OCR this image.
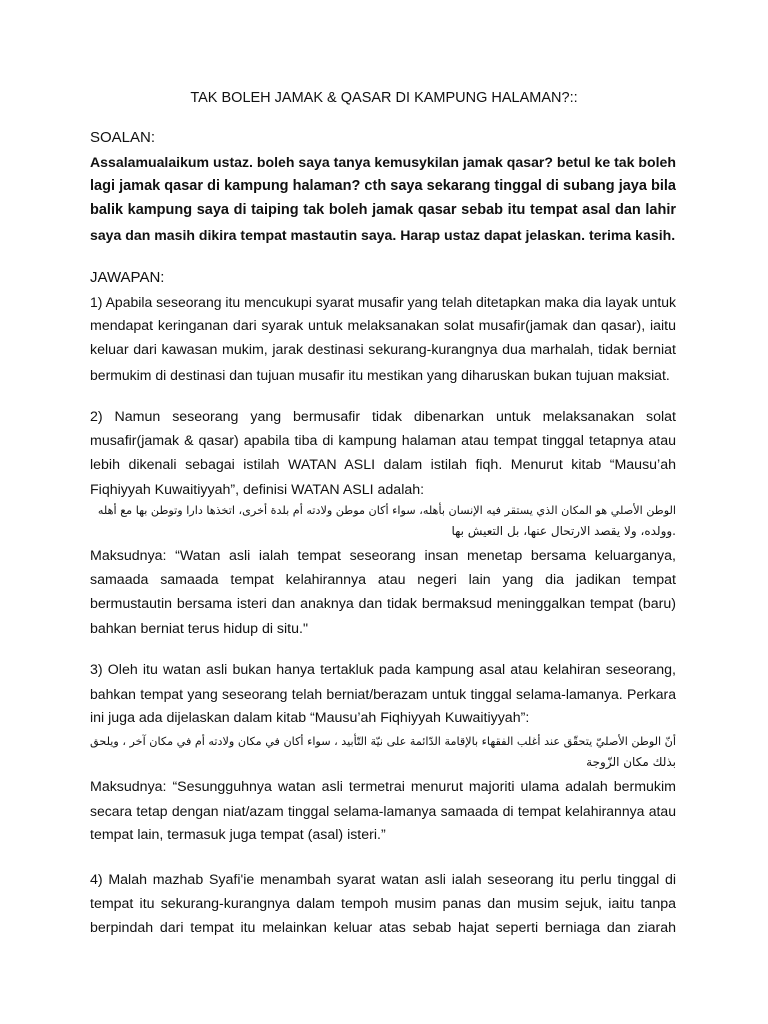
TAK BOLEH JAMAK & QASAR DI KAMPUNG HALAMAN?::
SOALAN:
Assalamualaikum ustaz. boleh saya tanya kemusykilan jamak qasar? betul ke tak boleh
lagi jamak qasar di kampung halaman? cth saya sekarang tinggal di subang jaya bila
balik kampung saya di taiping tak boleh jamak qasar sebab itu tempat asal dan lahir
saya dan masih dikira tempat mastautin saya. Harap ustaz dapat jelaskan. terima kasih.
JAWAPAN:
1) Apabila seseorang itu mencukupi syarat musafir yang telah ditetapkan maka dia layak untuk
mendapat keringanan dari syarak untuk melaksanakan solat musafir(jamak dan qasar), iaitu
keluar dari kawasan mukim, jarak destinasi sekurang-kurangnya dua marhalah, tidak berniat
bermukim di destinasi dan tujuan musafir itu mestikan yang diharuskan bukan tujuan maksiat.
2) Namun seseorang yang bermusafir tidak dibenarkan untuk melaksanakan solat
musafir(jamak & qasar) apabila tiba di kampung halaman atau tempat tinggal tetapnya atau
lebih dikenali sebagai istilah WATAN ASLI dalam istilah fiqh. Menurut kitab “Mausu’ah
Fiqhiyyah Kuwaitiyyah”, definisi WATAN ASLI adalah:
الوطن الأصلي هو المكان الذي يستقر فيه الإنسان بأهله، سواء أكان موطن ولادته أم بلدة أخرى، اتخذها دارا وتوطن بها مع أهله
.وولده، ولا يقصد الارتحال عنها، بل التعيش بها
Maksudnya: “Watan asli ialah tempat seseorang insan menetap bersama keluarganya,
samaada samaada tempat kelahirannya atau negeri lain yang dia jadikan tempat
bermustautin bersama isteri dan anaknya dan tidak bermaksud meninggalkan tempat (baru)
bahkan berniat terus hidup di situ."
3) Oleh itu watan asli bukan hanya tertakluk pada kampung asal atau kelahiran seseorang,
bahkan tempat yang seseorang telah berniat/berazam untuk tinggal selama-lamanya. Perkara
ini juga ada dijelaskan dalam kitab “Mausu’ah Fiqhiyyah Kuwaitiyyah”:
أنّ الوطن الأصليّ يتحقّق عند أغلب الفقهاء بالإقامة الدّائمة على نيّة التّأبيد ، سواء أكان في مكان ولادته أم في مكان آخر ، ويلحق
بذلك مكان الزّوجة
Maksudnya: “Sesungguhnya watan asli termetrai menurut majoriti ulama adalah bermukim
secara tetap dengan niat/azam tinggal selama-lamanya samaada di tempat kelahirannya atau
tempat lain, termasuk juga tempat (asal) isteri.”
4) Malah mazhab Syafi'ie menambah syarat watan asli ialah seseorang itu perlu tinggal di
tempat itu sekurang-kurangnya dalam tempoh musim panas dan musim sejuk, iaitu tanpa
berpindah dari tempat itu melainkan keluar atas sebab hajat seperti berniaga dan ziarah
